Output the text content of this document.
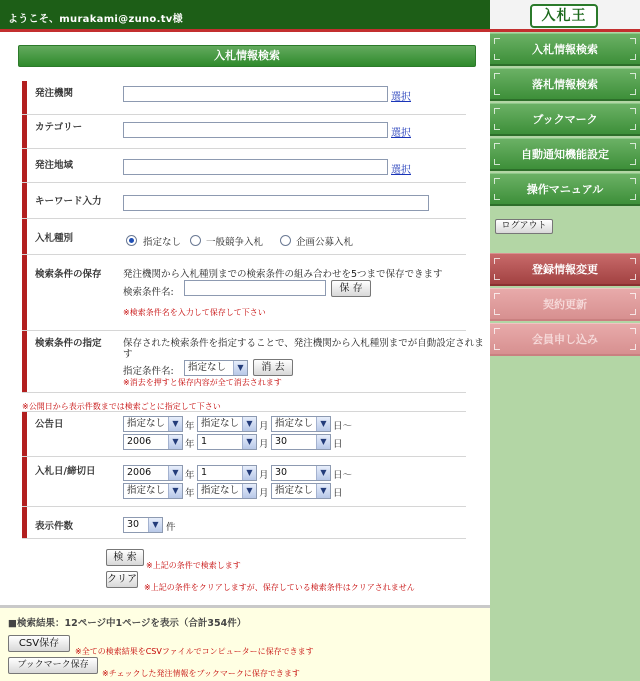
ようこそ、murakami@zuno.tv様
入札情報検索
発注機関	選択
カテゴリー
選択
発注地域	選択
キーワード入力
入札種別	指定なし	一般競争入札	企画公募入札
検索条件の保存 発注機関から入札種別までの検索条件の組み合わせを5つまで保存できます
検索条件名:	保 存
※検索条件名を入力して保存して下さい
検索条件の指定 保存された検索条件を指定することで、発注機関から入札種別までが自動設定されま
す
指定条件名:	指定なし	▼	消 去
※消去を押すと保存内容が全て消去されます
※公開日から表示件数までは検索ごとに指定して下さい
公告日	指定なし ▼ 年 指定なし ▼ 月 指定なし ▼ 日～
2006	▼ 年 1	▼ 月 30	▼ 日
入札日/締切日	2006	▼ 年 1	▼ 月 30	▼ 日～
指定なし ▼ 年 指定なし ▼ 月 指定なし ▼ 日
表示件数	30	▼ 件
検 索
※上記の条件で検索します
クリア
※上記の条件をクリアしますが、保存している検索条件はクリアされません
■検索結果：12ページ中1ページを表示（合計354件）
CSV保存
※全ての検索結果をCSVファイルでコンピューターに保存できます
ブックマーク保存
※チェックした発注情報をブックマークに保存できます
入札王
入札情報検索
落札情報検索
ブックマーク
自動通知機能設定
操作マニュアル
ログアウト
登録情報変更
契約更新
会員申し込み
